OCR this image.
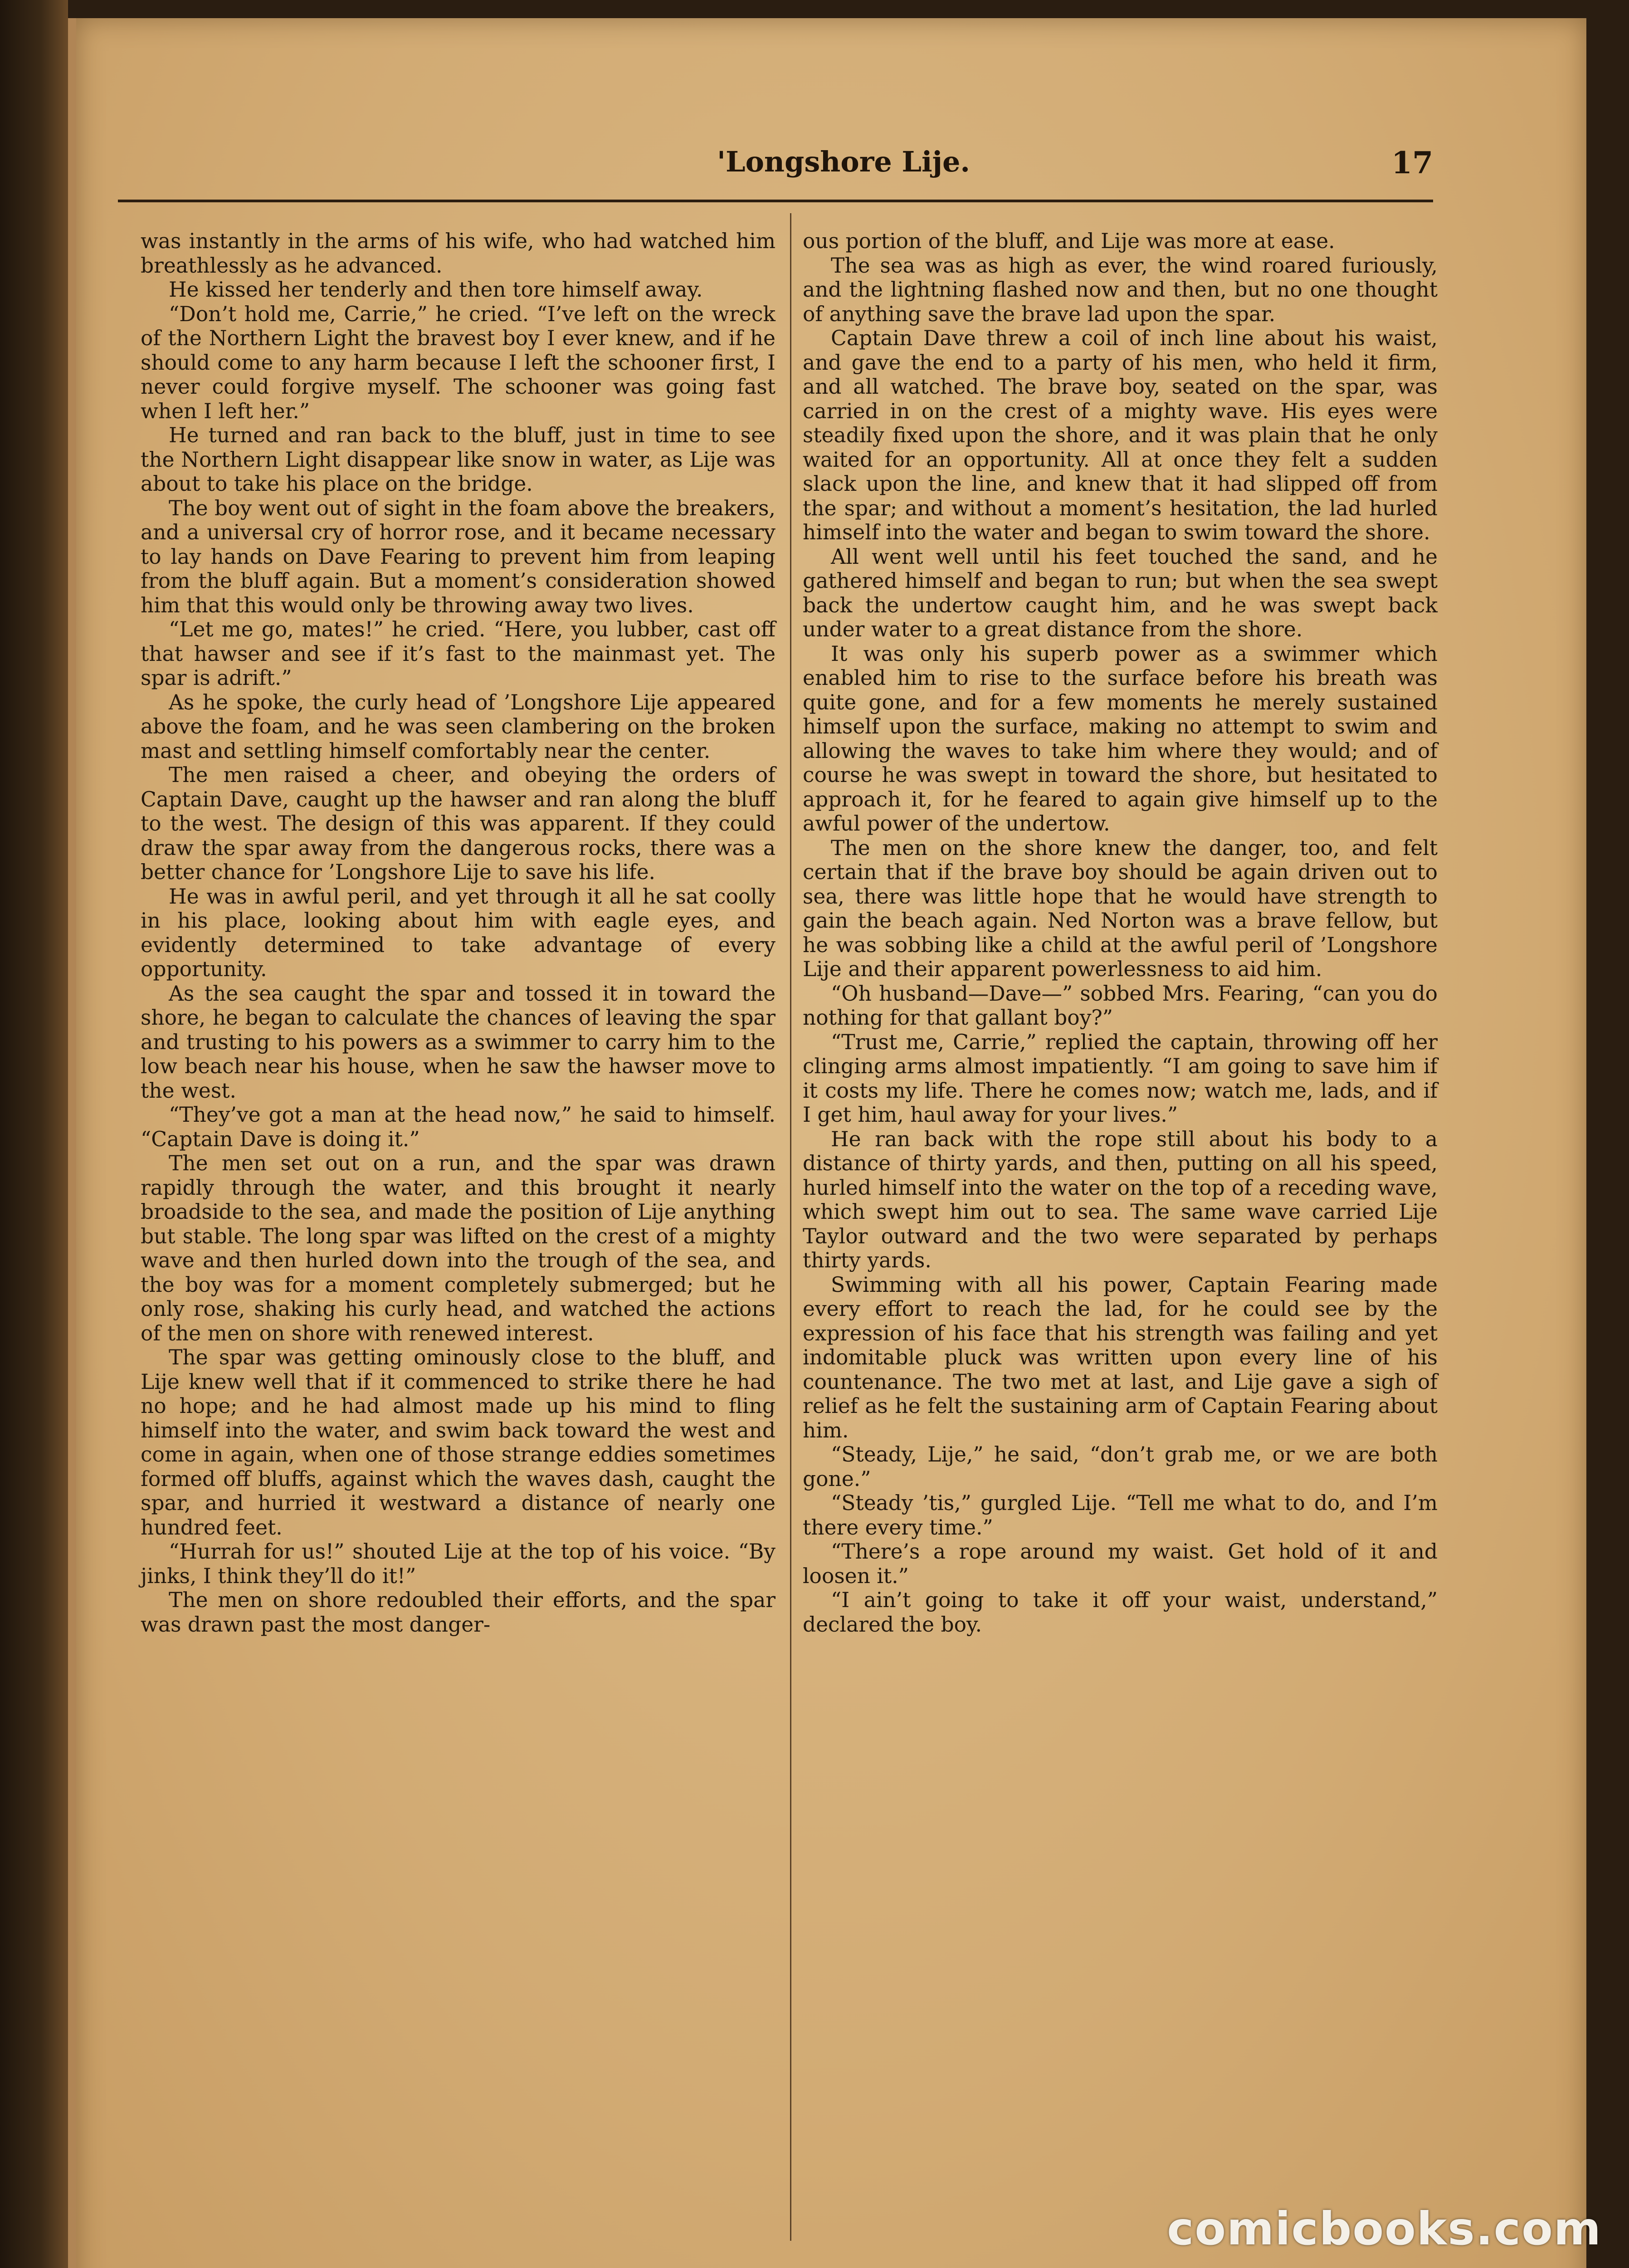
'Longshore Lije.	17

was instantly in the arms of his wife, who had watched him breathlessly as he advanced.

He kissed her tenderly and then tore himself away.

“Don’t hold me, Carrie,” he cried. “I’ve left on the wreck of the Northern Light the bravest boy I ever knew, and if he should come to any harm because I left the schooner first, I never could forgive myself. The schooner was going fast when I left her.”

He turned and ran back to the bluff, just in time to see the Northern Light disappear like snow in water, as Lije was about to take his place on the bridge.

The boy went out of sight in the foam above the breakers, and a universal cry of horror rose, and it became necessary to lay hands on Dave Fearing to prevent him from leaping from the bluff again. But a moment’s consideration showed him that this would only be throwing away two lives.

“Let me go, mates!” he cried. “Here, you lubber, cast off that hawser and see if it’s fast to the mainmast yet. The spar is adrift.”

As he spoke, the curly head of ’Longshore Lije appeared above the foam, and he was seen clambering on the broken mast and settling himself comfortably near the center.

The men raised a cheer, and obeying the orders of Captain Dave, caught up the hawser and ran along the bluff to the west. The design of this was apparent. If they could draw the spar away from the dangerous rocks, there was a better chance for ’Longshore Lije to save his life.

He was in awful peril, and yet through it all he sat coolly in his place, looking about him with eagle eyes, and evidently determined to take advantage of every opportunity.

As the sea caught the spar and tossed it in toward the shore, he began to calculate the chances of leaving the spar and trusting to his powers as a swimmer to carry him to the low beach near his house, when he saw the hawser move to the west.

“They’ve got a man at the head now,” he said to himself. “Captain Dave is doing it.”

The men set out on a run, and the spar was drawn rapidly through the water, and this brought it nearly broadside to the sea, and made the position of Lije anything but stable. The long spar was lifted on the crest of a mighty wave and then hurled down into the trough of the sea, and the boy was for a moment completely submerged; but he only rose, shaking his curly head, and watched the actions of the men on shore with renewed interest.

The spar was getting ominously close to the bluff, and Lije knew well that if it commenced to strike there he had no hope; and he had almost made up his mind to fling himself into the water, and swim back toward the west and come in again, when one of those strange eddies sometimes formed off bluffs, against which the waves dash, caught the spar, and hurried it westward a distance of nearly one hundred feet.

“Hurrah for us!” shouted Lije at the top of his voice. “By jinks, I think they’ll do it!”

The men on shore redoubled their efforts, and the spar was drawn past the most danger-

ous portion of the bluff, and Lije was more at ease.

The sea was as high as ever, the wind roared furiously, and the lightning flashed now and then, but no one thought of anything save the brave lad upon the spar.

Captain Dave threw a coil of inch line about his waist, and gave the end to a party of his men, who held it firm, and all watched. The brave boy, seated on the spar, was carried in on the crest of a mighty wave. His eyes were steadily fixed upon the shore, and it was plain that he only waited for an opportunity. All at once they felt a sudden slack upon the line, and knew that it had slipped off from the spar; and without a moment’s hesitation, the lad hurled himself into the water and began to swim toward the shore.

All went well until his feet touched the sand, and he gathered himself and began to run; but when the sea swept back the undertow caught him, and he was swept back under water to a great distance from the shore.

It was only his superb power as a swimmer which enabled him to rise to the surface before his breath was quite gone, and for a few moments he merely sustained himself upon the surface, making no attempt to swim and allowing the waves to take him where they would; and of course he was swept in toward the shore, but hesitated to approach it, for he feared to again give himself up to the awful power of the undertow.

The men on the shore knew the danger, too, and felt certain that if the brave boy should be again driven out to sea, there was little hope that he would have strength to gain the beach again. Ned Norton was a brave fellow, but he was sobbing like a child at the awful peril of ’Longshore Lije and their apparent powerlessness to aid him.

“Oh husband—Dave—” sobbed Mrs. Fearing, “can you do nothing for that gallant boy?”

“Trust me, Carrie,” replied the captain, throwing off her clinging arms almost impatiently. “I am going to save him if it costs my life. There he comes now; watch me, lads, and if I get him, haul away for your lives.”

He ran back with the rope still about his body to a distance of thirty yards, and then, putting on all his speed, hurled himself into the water on the top of a receding wave, which swept him out to sea. The same wave carried Lije Taylor outward and the two were separated by perhaps thirty yards.

Swimming with all his power, Captain Fearing made every effort to reach the lad, for he could see by the expression of his face that his strength was failing and yet indomitable pluck was written upon every line of his countenance. The two met at last, and Lije gave a sigh of relief as he felt the sustaining arm of Captain Fearing about him.

“Steady, Lije,” he said, “don’t grab me, or we are both gone.”

“Steady ’tis,” gurgled Lije. “Tell me what to do, and I’m there every time.”

“There’s a rope around my waist. Get hold of it and loosen it.”

“I ain’t going to take it off your waist, understand,” declared the boy.

comicbooks.com
